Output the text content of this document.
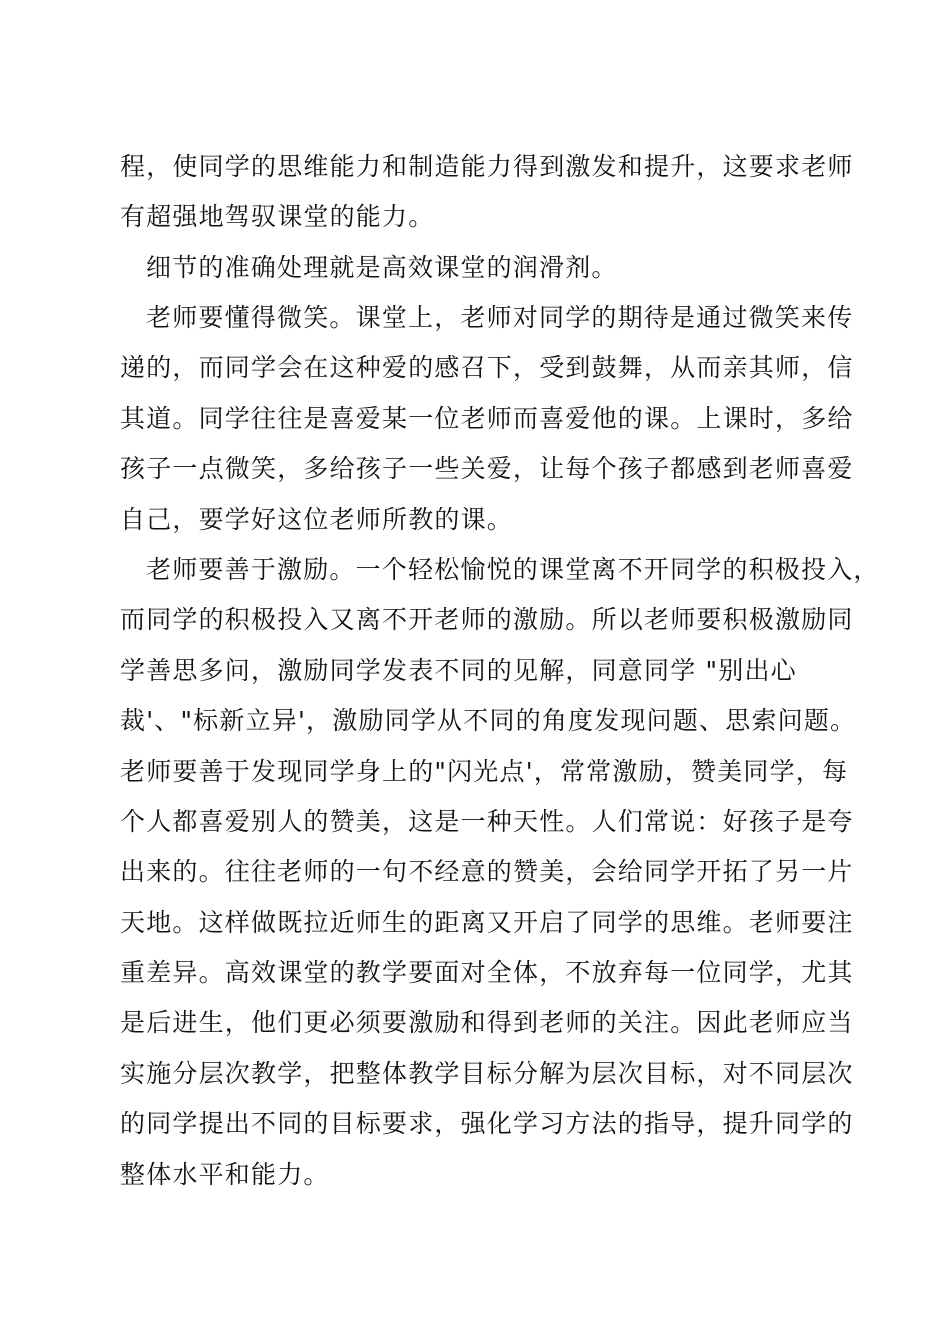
程，使同学的思维能力和制造能力得到激发和提升，这要求老师

有超强地驾驭课堂的能力。

细节的准确处理就是高效课堂的润滑剂。

老师要懂得微笑。课堂上，老师对同学的期待是通过微笑来传

递的，而同学会在这种爱的感召下，受到鼓舞，从而亲其师，信

其道。同学往往是喜爱某一位老师而喜爱他的课。上课时，多给

孩子一点微笑，多给孩子一些关爱，让每个孩子都感到老师喜爱

自己，要学好这位老师所教的课。

老师要善于激励。一个轻松愉悦的课堂离不开同学的积极投入，

而同学的积极投入又离不开老师的激励。所以老师要积极激励同

学善思多问，激励同学发表不同的见解，同意同学 "别出心

裁'、"标新立异'，激励同学从不同的角度发现问题、思索问题。

老师要善于发现同学身上的"闪光点'，常常激励，赞美同学，每

个人都喜爱别人的赞美，这是一种天性。人们常说：好孩子是夸

出来的。往往老师的一句不经意的赞美，会给同学开拓了另一片

天地。这样做既拉近师生的距离又开启了同学的思维。老师要注

重差异。高效课堂的教学要面对全体，不放弃每一位同学，尤其

是后进生，他们更必须要激励和得到老师的关注。因此老师应当

实施分层次教学，把整体教学目标分解为层次目标，对不同层次

的同学提出不同的目标要求，强化学习方法的指导，提升同学的

整体水平和能力。
